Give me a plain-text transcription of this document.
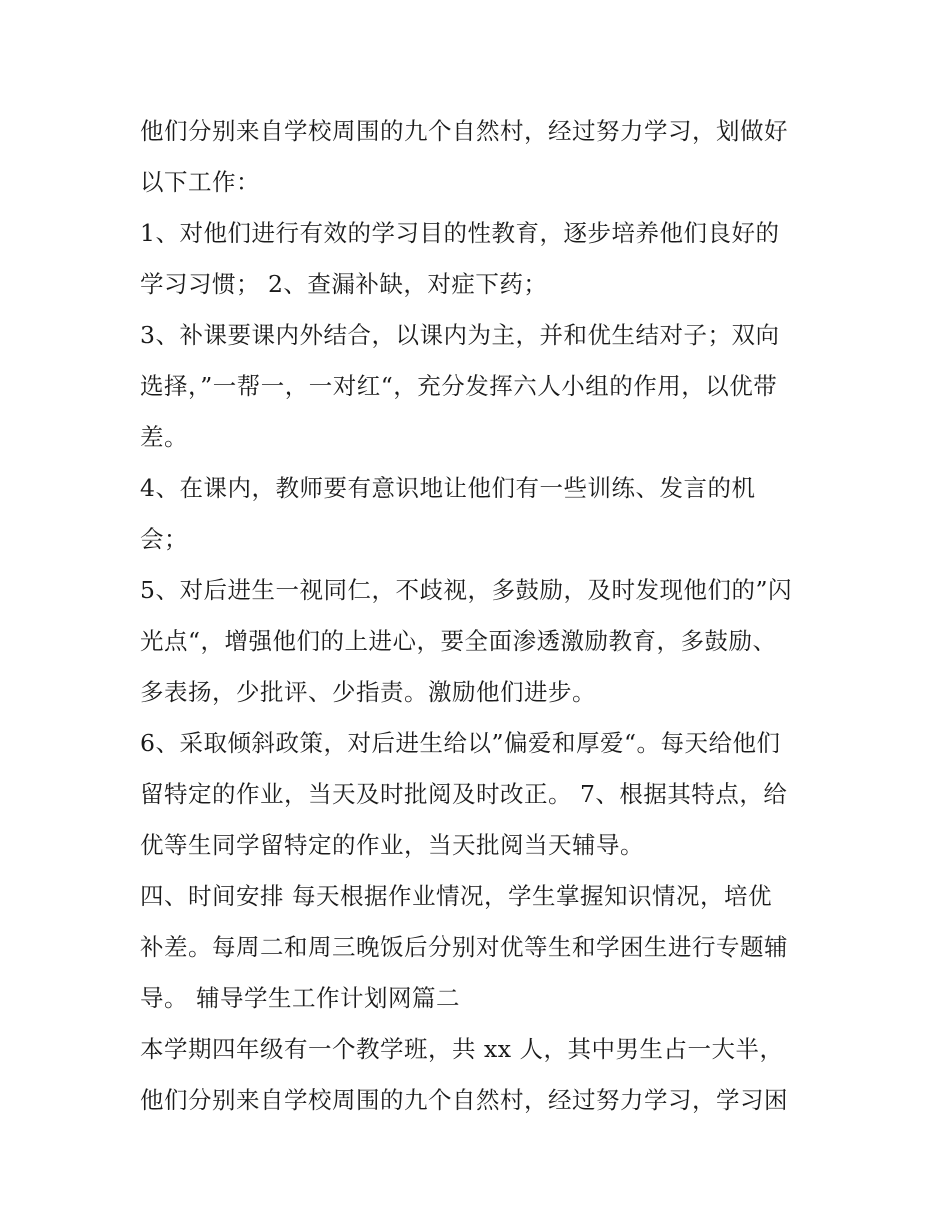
他们分别来自学校周围的九个自然村，经过努力学习，划做好
以下工作：
1、对他们进行有效的学习目的性教育，逐步培养他们良好的
学习习惯； 2、查漏补缺，对症下药；
3、补课要课内外结合，以课内为主，并和优生结对子；双向
选择，”一帮一，一对红“，充分发挥六人小组的作用，以优带
差。
4、在课内，教师要有意识地让他们有一些训练、发言的机
会；
5、对后进生一视同仁，不歧视，多鼓励，及时发现他们的”闪
光点“，增强他们的上进心，要全面渗透激励教育，多鼓励、
多表扬，少批评、少指责。激励他们进步。
6、采取倾斜政策，对后进生给以”偏爱和厚爱“。每天给他们
留特定的作业，当天及时批阅及时改正。 7、根据其特点，给
优等生同学留特定的作业，当天批阅当天辅导。
四、时间安排 每天根据作业情况，学生掌握知识情况，培优
补差。每周二和周三晚饭后分别对优等生和学困生进行专题辅
导。 辅导学生工作计划网篇二
本学期四年级有一个教学班，共 xx 人，其中男生占一大半，
他们分别来自学校周围的九个自然村，经过努力学习，学习困
